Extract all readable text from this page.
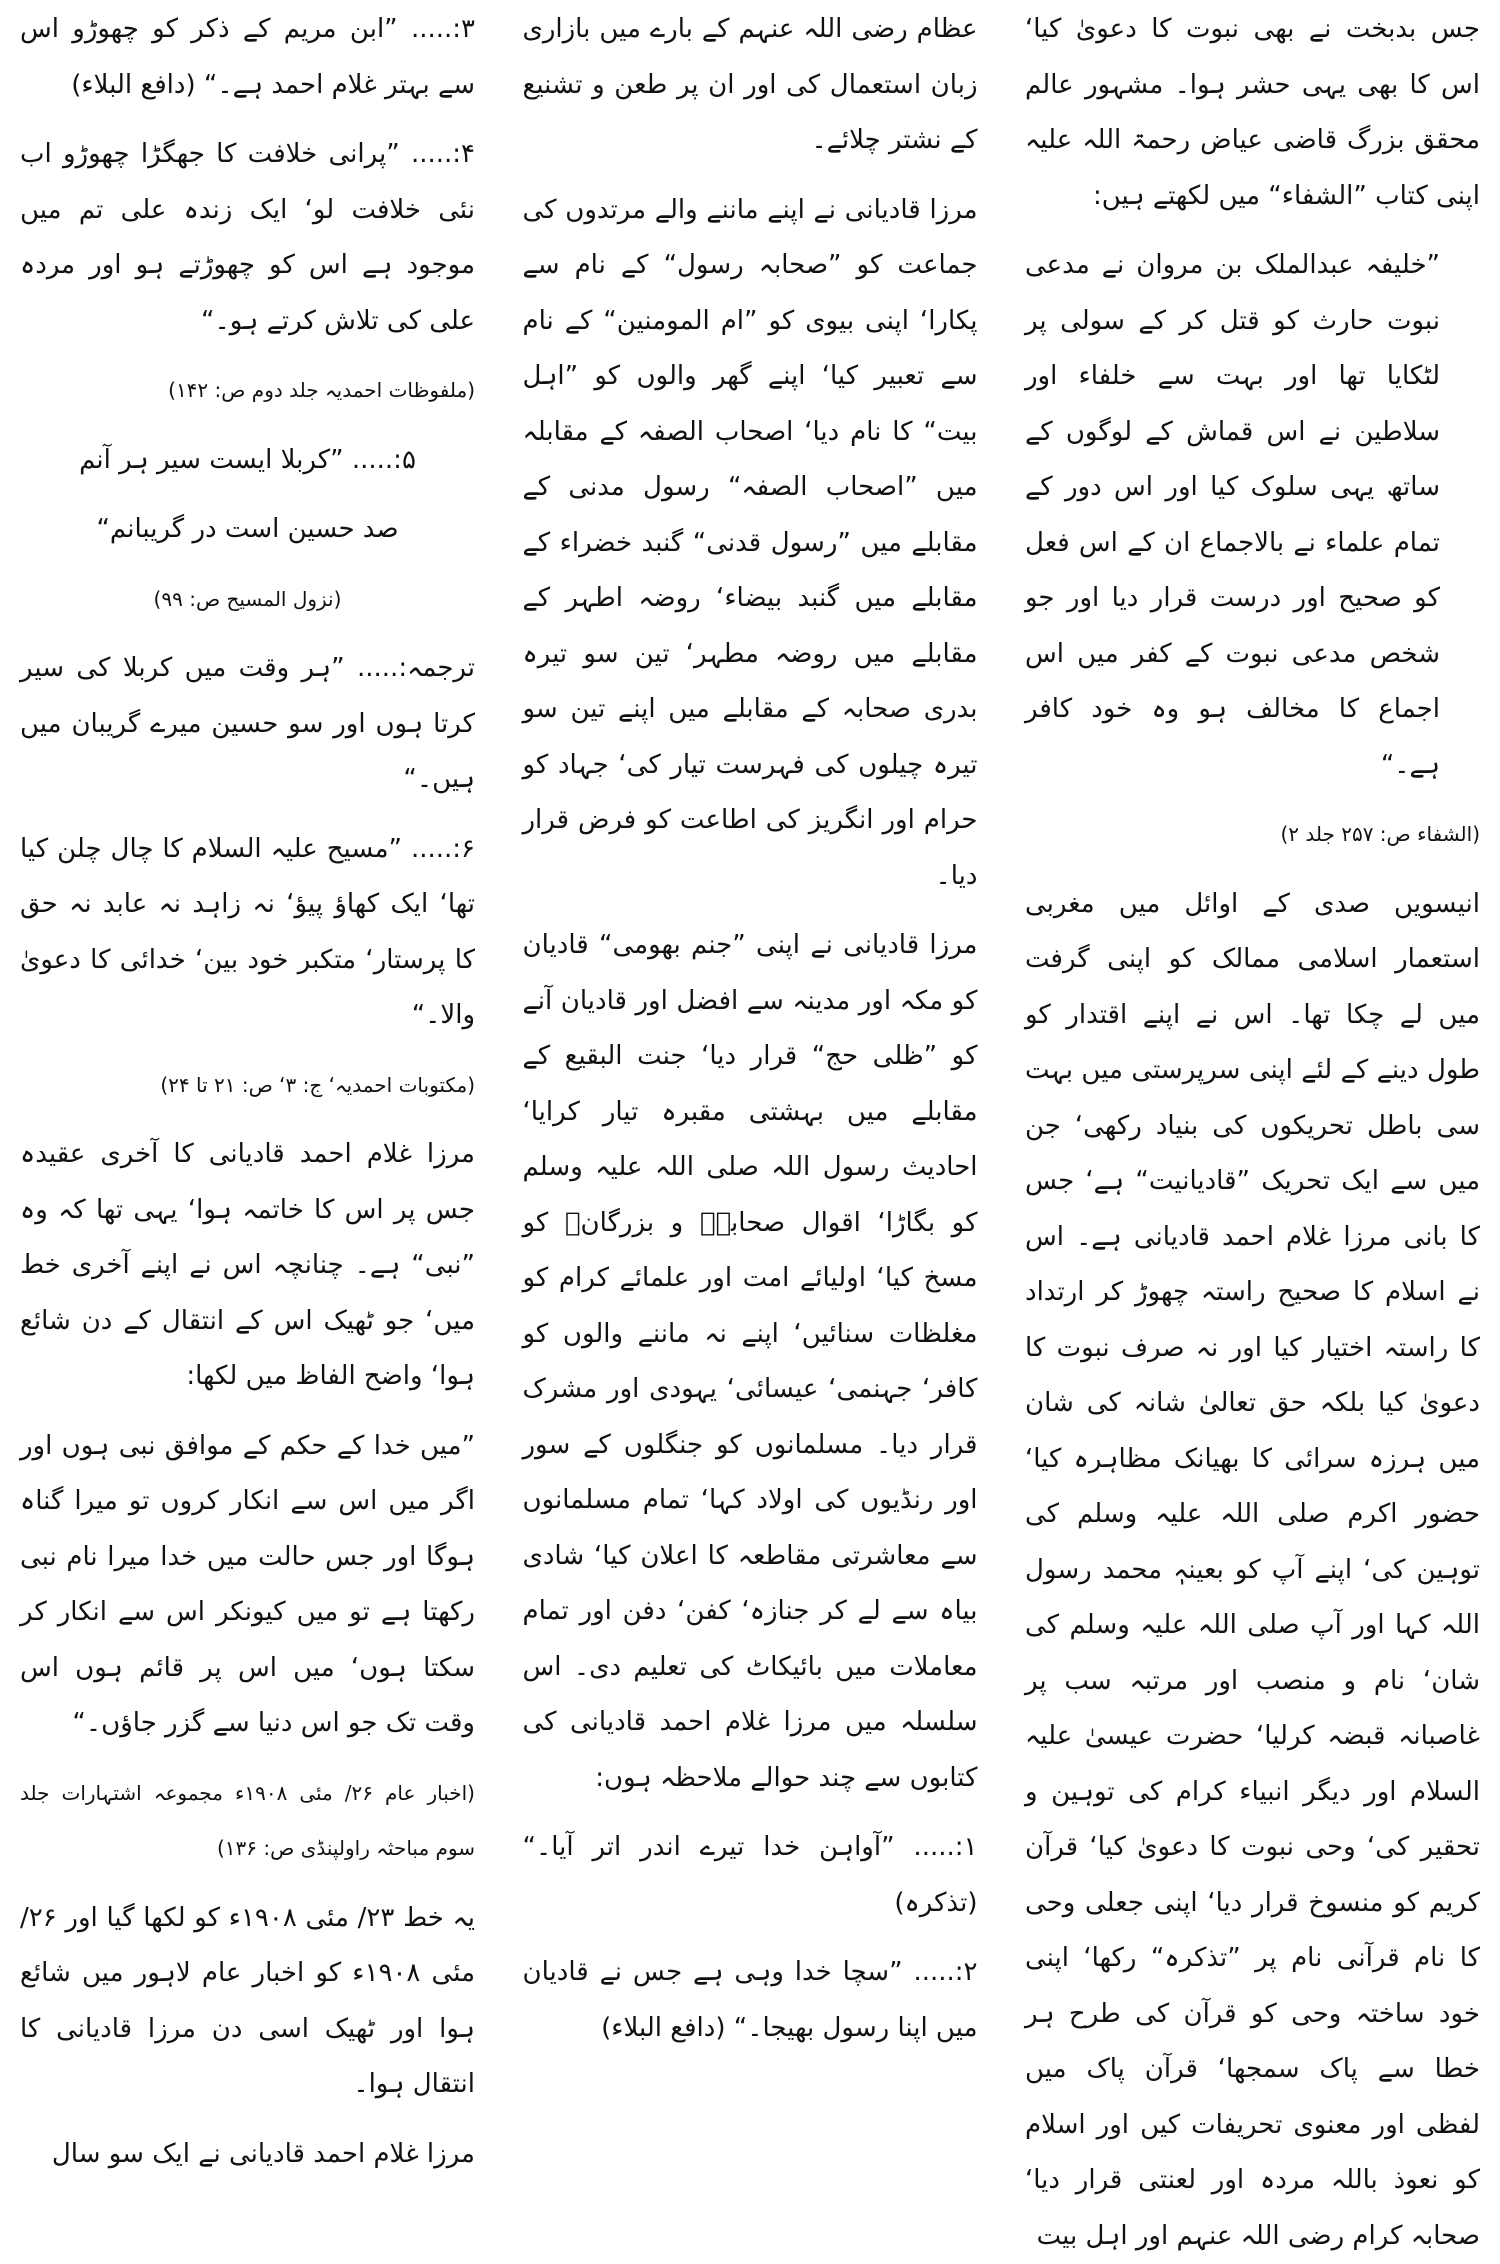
جس بدبخت نے بھی نبوت کا دعویٰ کیا‘ اس کا بھی یہی حشر ہوا۔ مشہور عالم محقق بزرگ قاضی عیاض رحمۃ اللہ علیہ اپنی کتاب ”الشفاء“ میں لکھتے ہیں:

”خلیفہ عبدالملک بن مروان نے مدعی نبوت حارث کو قتل کر کے سولی پر لٹکایا تھا اور بہت سے خلفاء اور سلاطین نے اس قماش کے لوگوں کے ساتھ یہی سلوک کیا اور اس دور کے تمام علماء نے بالاجماع ان کے اس فعل کو صحیح اور درست قرار دیا اور جو شخص مدعی نبوت کے کفر میں اس اجماع کا مخالف ہو وہ خود کافر ہے۔“

(الشفاء ص: ۲۵۷ جلد ۲)

انیسویں صدی کے اوائل میں مغربی استعمار اسلامی ممالک کو اپنی گرفت میں لے چکا تھا۔ اس نے اپنے اقتدار کو طول دینے کے لئے اپنی سرپرستی میں بہت سی باطل تحریکوں کی بنیاد رکھی‘ جن میں سے ایک تحریک ”قادیانیت“ ہے‘ جس کا بانی مرزا غلام احمد قادیانی ہے۔ اس نے اسلام کا صحیح راستہ چھوڑ کر ارتداد کا راستہ اختیار کیا اور نہ صرف نبوت کا دعویٰ کیا بلکہ حق تعالیٰ شانہ کی شان میں ہرزہ سرائی کا بھیانک مظاہرہ کیا‘ حضور اکرم صلی اللہ علیہ وسلم کی توہین کی‘ اپنے آپ کو بعینہٖ محمد رسول اللہ کہا اور آپ صلی اللہ علیہ وسلم کی شان‘ نام و منصب اور مرتبہ سب پر غاصبانہ قبضہ کرلیا‘ حضرت عیسیٰ علیہ السلام اور دیگر انبیاء کرام کی توہین و تحقیر کی‘ وحی نبوت کا دعویٰ کیا‘ قرآن کریم کو منسوخ قرار دیا‘ اپنی جعلی وحی کا نام قرآنی نام پر ”تذکرہ“ رکھا‘ اپنی خود ساختہ وحی کو قرآن کی طرح ہر خطا سے پاک سمجھا‘ قرآن پاک میں لفظی اور معنوی تحریفات کیں اور اسلام کو نعوذ باللہ مردہ اور لعنتی قرار دیا‘ صحابہ کرام رضی اللہ عنہم اور اہل بیت

عظام رضی اللہ عنہم کے بارے میں بازاری زبان استعمال کی اور ان پر طعن و تشنیع کے نشتر چلائے۔

مرزا قادیانی نے اپنے ماننے والے مرتدوں کی جماعت کو ”صحابہ رسول“ کے نام سے پکارا‘ اپنی بیوی کو ”ام المومنین“ کے نام سے تعبیر کیا‘ اپنے گھر والوں کو ”اہل بیت“ کا نام دیا‘ اصحاب الصفہ کے مقابلہ میں ”اصحاب الصفہ“ رسول مدنی کے مقابلے میں ”رسول قدنی“ گنبد خضراء کے مقابلے میں گنبد بیضاء‘ روضہ اطہر کے مقابلے میں روضہ مطہر‘ تین سو تیرہ بدری صحابہ کے مقابلے میں اپنے تین سو تیرہ چیلوں کی فہرست تیار کی‘ جہاد کو حرام اور انگریز کی اطاعت کو فرض قرار دیا۔

مرزا قادیانی نے اپنی ”جنم بھومی“ قادیان کو مکہ اور مدینہ سے افضل اور قادیان آنے کو ”ظلی حج“ قرار دیا‘ جنت البقیع کے مقابلے میں بہشتی مقبرہ تیار کرایا‘ احادیث رسول اللہ صلی اللہ علیہ وسلم کو بگاڑا‘ اقوال صحابہؓ و بزرگانؒ کو مسخ کیا‘ اولیائے امت اور علمائے کرام کو مغلظات سنائیں‘ اپنے نہ ماننے والوں کو کافر‘ جہنمی‘ عیسائی‘ یہودی اور مشرک قرار دیا۔ مسلمانوں کو جنگلوں کے سور اور رنڈیوں کی اولاد کہا‘ تمام مسلمانوں سے معاشرتی مقاطعہ کا اعلان کیا‘ شادی بیاہ سے لے کر جنازہ‘ کفن‘ دفن اور تمام معاملات میں بائیکاٹ کی تعلیم دی۔ اس سلسلہ میں مرزا غلام احمد قادیانی کی کتابوں سے چند حوالے ملاحظہ ہوں:

۱:..... ”آواہن خدا تیرے اندر اتر آیا۔“ (تذکرہ)

۲:..... ”سچا خدا وہی ہے جس نے قادیان میں اپنا رسول بھیجا۔“ (دافع البلاء)

۳:..... ”ابن مریم کے ذکر کو چھوڑو اس سے بہتر غلام احمد ہے۔“ (دافع البلاء)

۴:..... ”پرانی خلافت کا جھگڑا چھوڑو اب نئی خلافت لو‘ ایک زندہ علی تم میں موجود ہے اس کو چھوڑتے ہو اور مردہ علی کی تلاش کرتے ہو۔“

(ملفوظات احمدیہ جلد دوم ص: ۱۴۲)

۵:..... ”کربلا ایست سیر ہر آنم

صد حسین است در گریبانم“

(نزول المسیح ص: ۹۹)

ترجمہ:..... ”ہر وقت میں کربلا کی سیر کرتا ہوں اور سو حسین میرے گریبان میں ہیں۔“

۶:..... ”مسیح علیہ السلام کا چال چلن کیا تھا‘ ایک کھاؤ پیؤ‘ نہ زاہد نہ عابد نہ حق کا پرستار‘ متکبر خود بین‘ خدائی کا دعویٰ والا۔“

(مکتوبات احمدیہ‘ ج: ۳‘ ص: ۲۱ تا ۲۴)

مرزا غلام احمد قادیانی کا آخری عقیدہ جس پر اس کا خاتمہ ہوا‘ یہی تھا کہ وہ ”نبی“ ہے۔ چنانچہ اس نے اپنے آخری خط میں‘ جو ٹھیک اس کے انتقال کے دن شائع ہوا‘ واضح الفاظ میں لکھا:

”میں خدا کے حکم کے موافق نبی ہوں اور اگر میں اس سے انکار کروں تو میرا گناہ ہوگا اور جس حالت میں خدا میرا نام نبی رکھتا ہے تو میں کیونکر اس سے انکار کر سکتا ہوں‘ میں اس پر قائم ہوں اس وقت تک جو اس دنیا سے گزر جاؤں۔“

(اخبار عام ۲۶/ مئی ۱۹۰۸ء مجموعہ اشتہارات جلد سوم مباحثہ راولپنڈی ص: ۱۳۶)

یہ خط ۲۳/ مئی ۱۹۰۸ء کو لکھا گیا اور ۲۶/ مئی ۱۹۰۸ء کو اخبار عام لاہور میں شائع ہوا اور ٹھیک اسی دن مرزا قادیانی کا انتقال ہوا۔

مرزا غلام احمد قادیانی نے ایک سو سال
